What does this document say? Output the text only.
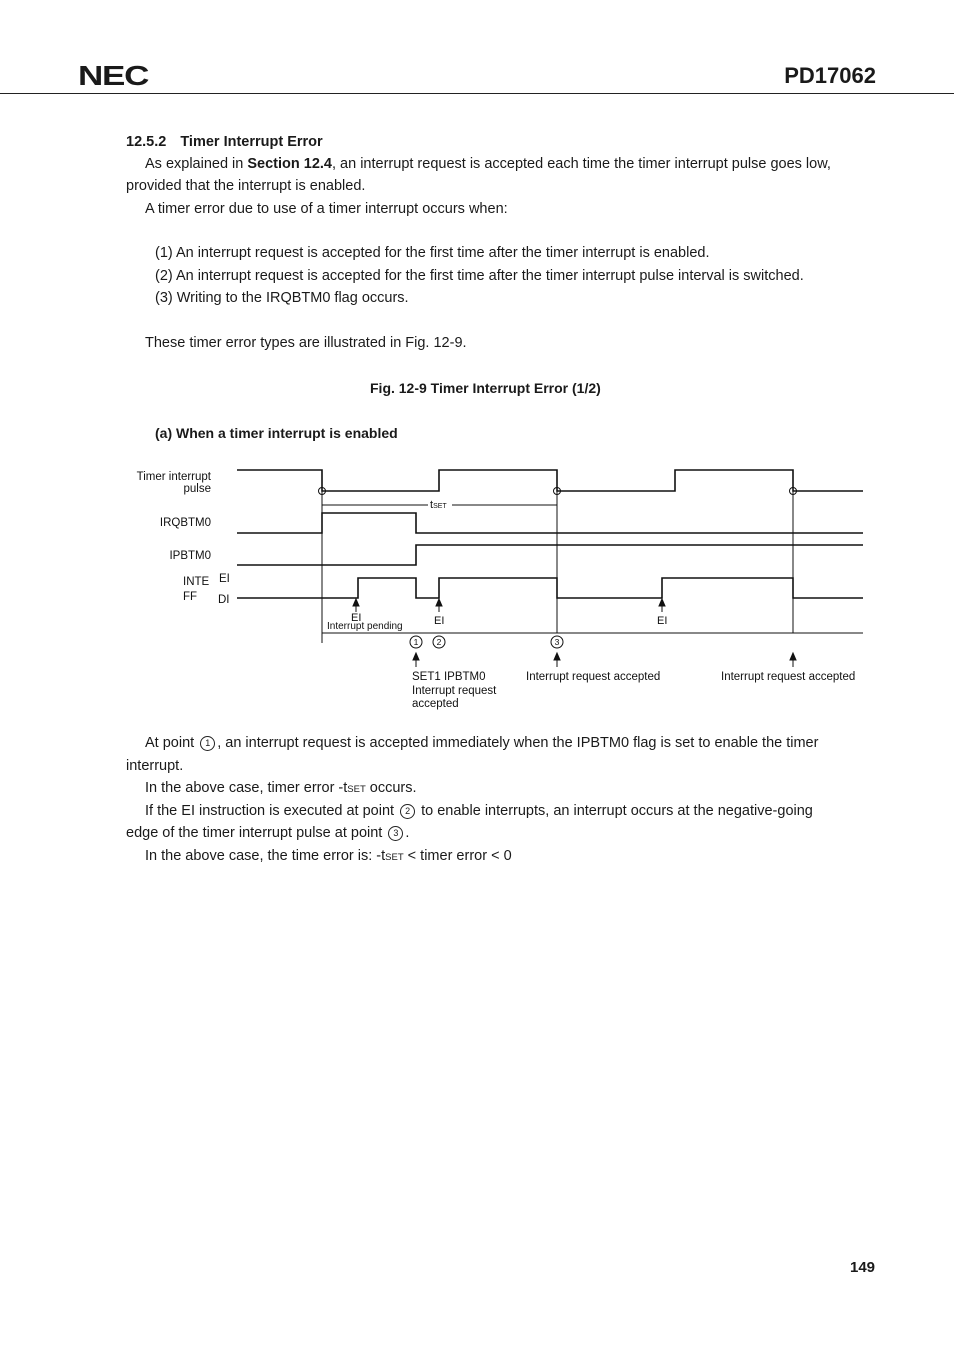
NEC	PD17062
12.5.2 Timer Interrupt Error
As explained in Section 12.4, an interrupt request is accepted each time the timer interrupt pulse goes low,
provided that the interrupt is enabled.
A timer error due to use of a timer interrupt occurs when:
(1) An interrupt request is accepted for the first time after the timer interrupt is enabled.
(2) An interrupt request is accepted for the first time after the timer interrupt pulse interval is switched.
(3) Writing to the IRQBTM0 flag occurs.
These timer error types are illustrated in Fig. 12-9.
Fig. 12-9 Timer Interrupt Error (1/2)
(a) When a timer interrupt is enabled
1 2	3
Timer interrupt
pulse
IRQBTM0
IPBTM0
INTE
FF
EI
DI
tSET
EI
Interrupt pending	EI	EI
SET1 IPBTM0
Interrupt request
accepted
Interrupt request accepted	Interrupt request accepted
At point 1 , an interrupt request is accepted immediately when the IPBTM0 flag is set to enable the timer
interrupt.
In the above case, timer error -tSET occurs.
If the EI instruction is executed at point 2 to enable interrupts, an interrupt occurs at the negative-going
edge of the timer interrupt pulse at point 3 .
In the above case, the time error is: -tSET < timer error < 0
149
